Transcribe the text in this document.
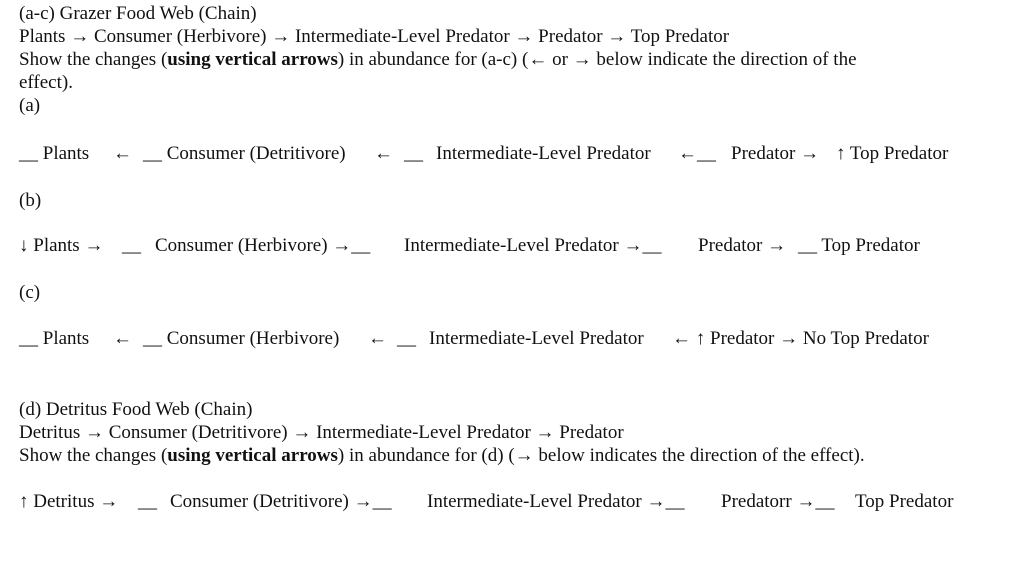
(a-c) Grazer Food Web (Chain)
Plants → Consumer (Herbivore) → Intermediate-Level Predator → Predator → Top Predator
Show the changes (using vertical arrows) in abundance for (a-c) (← or → below indicate the direction of the
effect).
(a)
__ Plants ← __ Consumer (Detritivore) ← __ Intermediate-Level Predator ←__ Predator → ↑ Top Predator
(b)
↓ Plants → __ Consumer (Herbivore) →__ Intermediate-Level Predator →__ Predator → __ Top Predator
(c)
__ Plants ← __ Consumer (Herbivore) ← __ Intermediate-Level Predator ← ↑ Predator → No Top Predator
(d) Detritus Food Web (Chain)
Detritus → Consumer (Detritivore) → Intermediate-Level Predator → Predator
Show the changes (using vertical arrows) in abundance for (d) (→ below indicates the direction of the effect).
↑ Detritus → __ Consumer (Detritivore) →__ Intermediate-Level Predator →__ Predatorr →__ Top Predator
